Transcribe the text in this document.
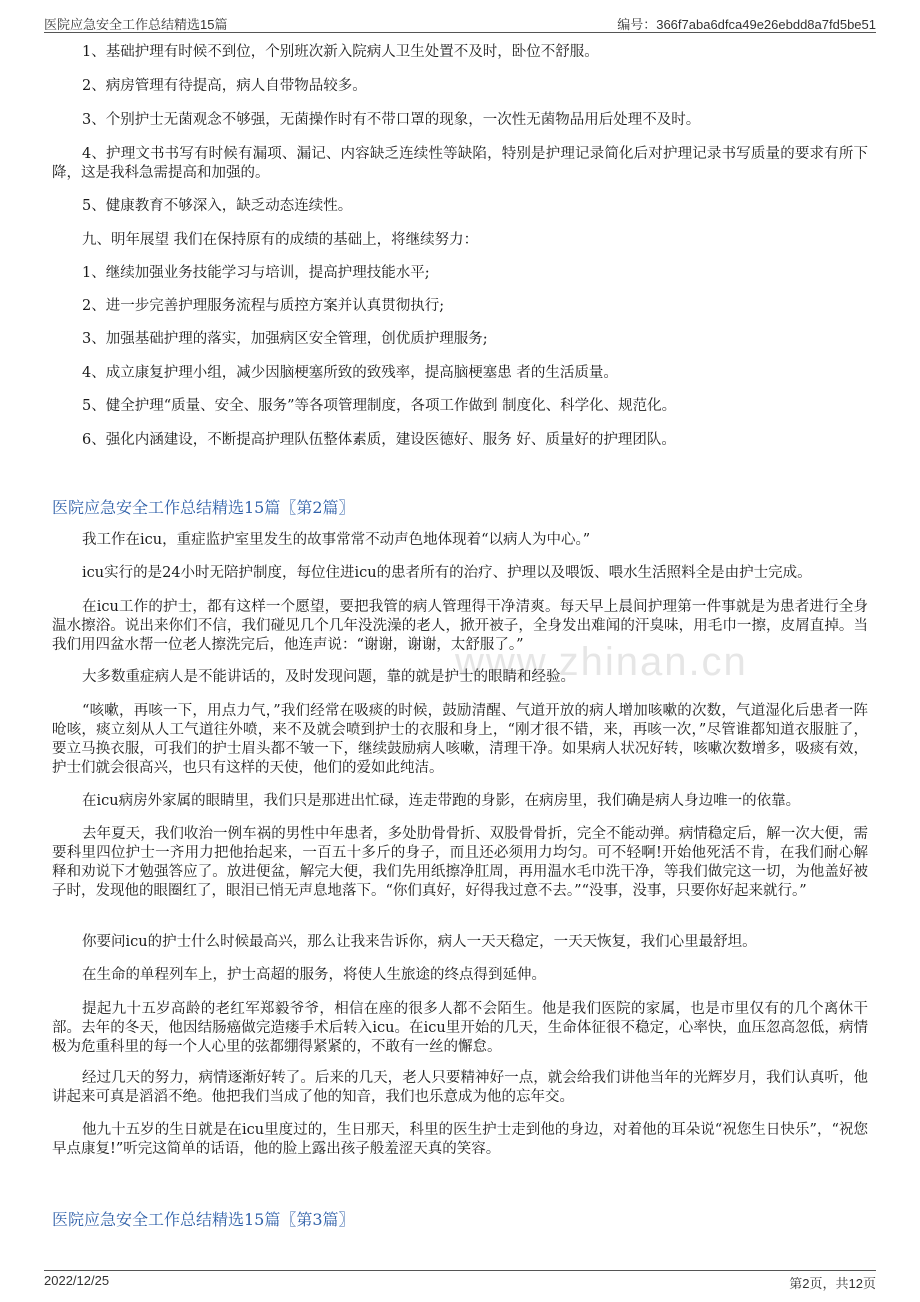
医院应急安全工作总结精选15篇	编号：366f7aba6dfca49e26ebdd8a7fd5be51
www.zhinan.cn

1、基础护理有时候不到位，个别班次新入院病人卫生处置不及时，卧位不舒服。

2、病房管理有待提高，病人自带物品较多。

3、个别护士无菌观念不够强，无菌操作时有不带口罩的现象，一次性无菌物品用后处理不及时。

4、护理文书书写有时候有漏项、漏记、内容缺乏连续性等缺陷，特别是护理记录简化后对护理记录书写质量的要求有所下降，这是我科急需提高和加强的。

5、健康教育不够深入，缺乏动态连续性。

九、明年展望 我们在保持原有的成绩的基础上，将继续努力：

1、继续加强业务技能学习与培训，提高护理技能水平;

2、进一步完善护理服务流程与质控方案并认真贯彻执行;

3、加强基础护理的落实，加强病区安全管理，创优质护理服务;

4、成立康复护理小组，减少因脑梗塞所致的致残率，提高脑梗塞患 者的生活质量。

5、健全护理“质量、安全、服务”等各项管理制度，各项工作做到 制度化、科学化、规范化。

6、强化内涵建设，不断提高护理队伍整体素质，建设医德好、服务 好、质量好的护理团队。

医院应急安全工作总结精选15篇〖第2篇〗

我工作在icu，重症监护室里发生的故事常常不动声色地体现着“以病人为中心。”

icu实行的是24小时无陪护制度，每位住进icu的患者所有的治疗、护理以及喂饭、喂水生活照料全是由护士完成。

在icu工作的护士，都有这样一个愿望，要把我管的病人管理得干净清爽。每天早上晨间护理第一件事就是为患者进行全身温水擦浴。说出来你们不信，我们碰见几个几年没洗澡的老人，掀开被子，全身发出难闻的汗臭味，用毛巾一擦，皮屑直掉。当我们用四盆水帮一位老人擦洗完后，他连声说：“谢谢，谢谢，太舒服了。”

大多数重症病人是不能讲话的，及时发现问题，靠的就是护士的眼睛和经验。

“咳嗽，再咳一下，用点力气，”我们经常在吸痰的时候，鼓励清醒、气道开放的病人增加咳嗽的次数，气道湿化后患者一阵呛咳，痰立刻从人工气道往外喷，来不及就会喷到护士的衣服和身上，“刚才很不错，来，再咳一次，”尽管谁都知道衣服脏了，要立马换衣服，可我们的护士眉头都不皱一下，继续鼓励病人咳嗽，清理干净。如果病人状况好转，咳嗽次数增多，吸痰有效，护士们就会很高兴，也只有这样的天使，他们的爱如此纯洁。

在icu病房外家属的眼睛里，我们只是那进出忙碌，连走带跑的身影，在病房里，我们确是病人身边唯一的依靠。

去年夏天，我们收治一例车祸的男性中年患者，多处肋骨骨折、双股骨骨折，完全不能动弹。病情稳定后，解一次大便，需要科里四位护士一齐用力把他抬起来，一百五十多斤的身子，而且还必须用力均匀。可不轻啊!开始他死活不肯，在我们耐心解释和劝说下才勉强答应了。放进便盆，解完大便，我们先用纸擦净肛周，再用温水毛巾洗干净，等我们做完这一切，为他盖好被子时，发现他的眼圈红了，眼泪已悄无声息地落下。“你们真好，好得我过意不去。”“没事，没事，只要你好起来就行。”

你要问icu的护士什么时候最高兴，那么让我来告诉你，病人一天天稳定，一天天恢复，我们心里最舒坦。

在生命的单程列车上，护士高超的服务，将使人生旅途的终点得到延伸。

提起九十五岁高龄的老红军郑毅爷爷，相信在座的很多人都不会陌生。他是我们医院的家属，也是市里仅有的几个离休干部。去年的冬天，他因结肠癌做完造瘘手术后转入icu。在icu里开始的几天，生命体征很不稳定，心率快，血压忽高忽低，病情极为危重科里的每一个人心里的弦都绷得紧紧的，不敢有一丝的懈怠。

经过几天的努力，病情逐渐好转了。后来的几天，老人只要精神好一点，就会给我们讲他当年的光辉岁月，我们认真听，他讲起来可真是滔滔不绝。他把我们当成了他的知音，我们也乐意成为他的忘年交。

他九十五岁的生日就是在icu里度过的，生日那天，科里的医生护士走到他的身边，对着他的耳朵说“祝您生日快乐”，“祝您早点康复!”听完这简单的话语，他的脸上露出孩子般羞涩天真的笑容。

医院应急安全工作总结精选15篇〖第3篇〗

2022/12/25	第2页，共12页
